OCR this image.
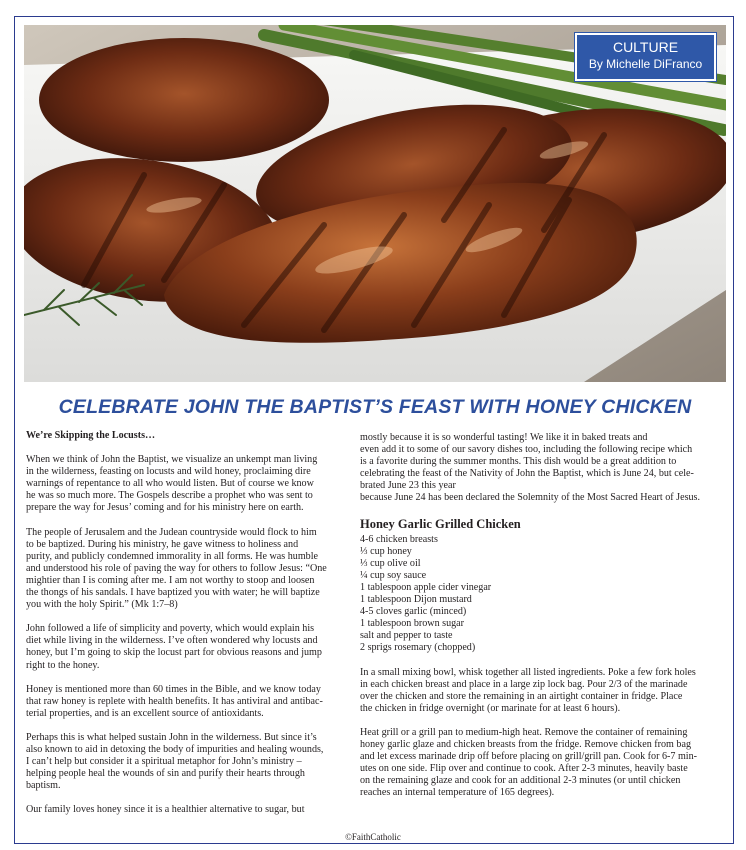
CULTURE
By Michelle DiFranco
CELEBRATE JOHN THE BAPTIST’S FEAST WITH HONEY CHICKEN

We’re Skipping the Locusts…

When we think of John the Baptist, we visualize an unkempt man living
in the wilderness, feasting on locusts and wild honey, proclaiming dire
warnings of repentance to all who would listen. But of course we know
he was so much more. The Gospels describe a prophet who was sent to
prepare the way for Jesus’ coming and for his ministry here on earth.

The people of Jerusalem and the Judean countryside would flock to him
to be baptized. During his ministry, he gave witness to holiness and
purity, and publicly condemned immorality in all forms. He was humble
and understood his role of paving the way for others to follow Jesus: “One
mightier than I is coming after me. I am not worthy to stoop and loosen
the thongs of his sandals. I have baptized you with water; he will baptize
you with the holy Spirit.” (Mk 1:7–8)

John followed a life of simplicity and poverty, which would explain his
diet while living in the wilderness. I’ve often wondered why locusts and
honey, but I’m going to skip the locust part for obvious reasons and jump
right to the honey.

Honey is mentioned more than 60 times in the Bible, and we know today
that raw honey is replete with health benefits. It has antiviral and antibac-
terial properties, and is an excellent source of antioxidants.

Perhaps this is what helped sustain John in the wilderness. But since it’s
also known to aid in detoxing the body of impurities and healing wounds,
I can’t help but consider it a spiritual metaphor for John’s ministry –
helping people heal the wounds of sin and purify their hearts through
baptism.

Our family loves honey since it is a healthier alternative to sugar, but

mostly because it is so wonderful tasting! We like it in baked treats and
even add it to some of our savory dishes too, including the following recipe which
is a favorite during the summer months. This dish would be a great addition to
celebrating the feast of the Nativity of John the Baptist, which is June 24, but cele-
brated June 23 this year
because June 24 has been declared the Solemnity of the Most Sacred Heart of Jesus.

Honey Garlic Grilled Chicken
4-6 chicken breasts
⅓ cup honey
⅓ cup olive oil
¼ cup soy sauce
1 tablespoon apple cider vinegar
1 tablespoon Dijon mustard
4-5 cloves garlic (minced)
1 tablespoon brown sugar
salt and pepper to taste
2 sprigs rosemary (chopped)

In a small mixing bowl, whisk together all listed ingredients. Poke a few fork holes
in each chicken breast and place in a large zip lock bag. Pour 2/3 of the marinade
over the chicken and store the remaining in an airtight container in fridge. Place
the chicken in fridge overnight (or marinate for at least 6 hours).

Heat grill or a grill pan to medium-high heat. Remove the container of remaining
honey garlic glaze and chicken breasts from the fridge. Remove chicken from bag
and let excess marinade drip off before placing on grill/grill pan. Cook for 6-7 min-
utes on one side. Flip over and continue to cook. After 2-3 minutes, heavily baste
on the remaining glaze and cook for an additional 2-3 minutes (or until chicken
reaches an internal temperature of 165 degrees).

©FaithCatholic
